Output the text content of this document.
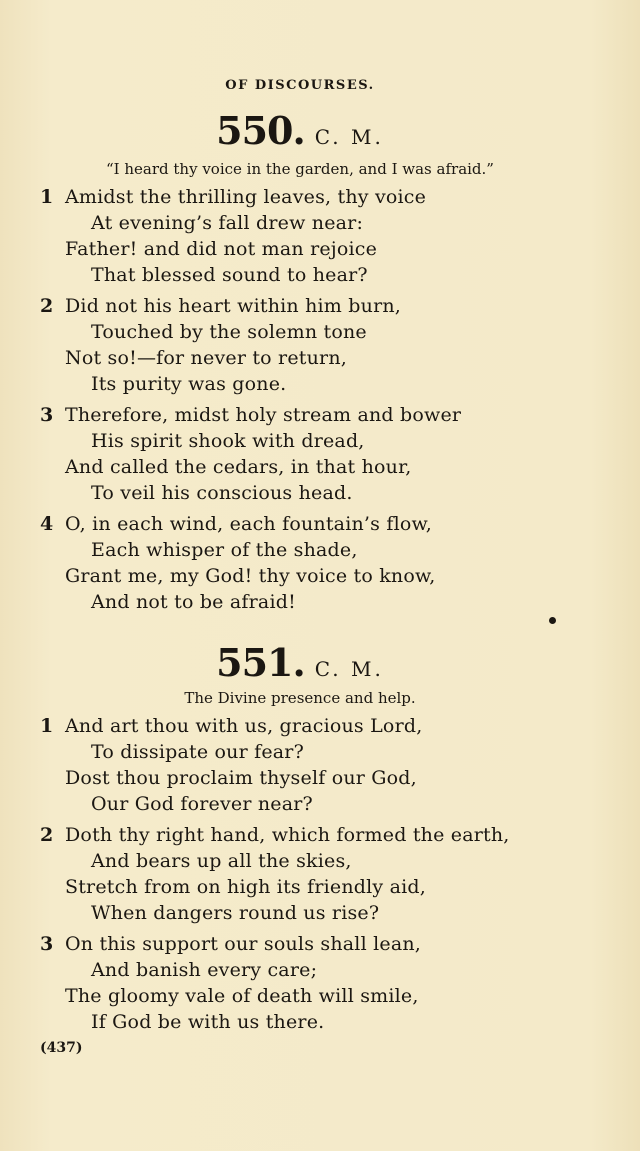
OF DISCOURSES.
550. C. M.
“I heard thy voice in the garden, and I was afraid.”
1 Amidst the thrilling leaves, thy voice
At evening’s fall drew near:
Father! and did not man rejoice
That blessed sound to hear?
2 Did not his heart within him burn,
Touched by the solemn tone
Not so!—for never to return,
Its purity was gone.
3 Therefore, midst holy stream and bower
His spirit shook with dread,
And called the cedars, in that hour,
To veil his conscious head.
4 O, in each wind, each fountain’s flow,
Each whisper of the shade,
Grant me, my God! thy voice to know,
And not to be afraid!
551. C. M.
The Divine presence and help.
1 And art thou with us, gracious Lord,
To dissipate our fear?
Dost thou proclaim thyself our God,
Our God forever near?
2 Doth thy right hand, which formed the earth,
And bears up all the skies,
Stretch from on high its friendly aid,
When dangers round us rise?
3 On this support our souls shall lean,
And banish every care;
The gloomy vale of death will smile,
If God be with us there.
(437)
